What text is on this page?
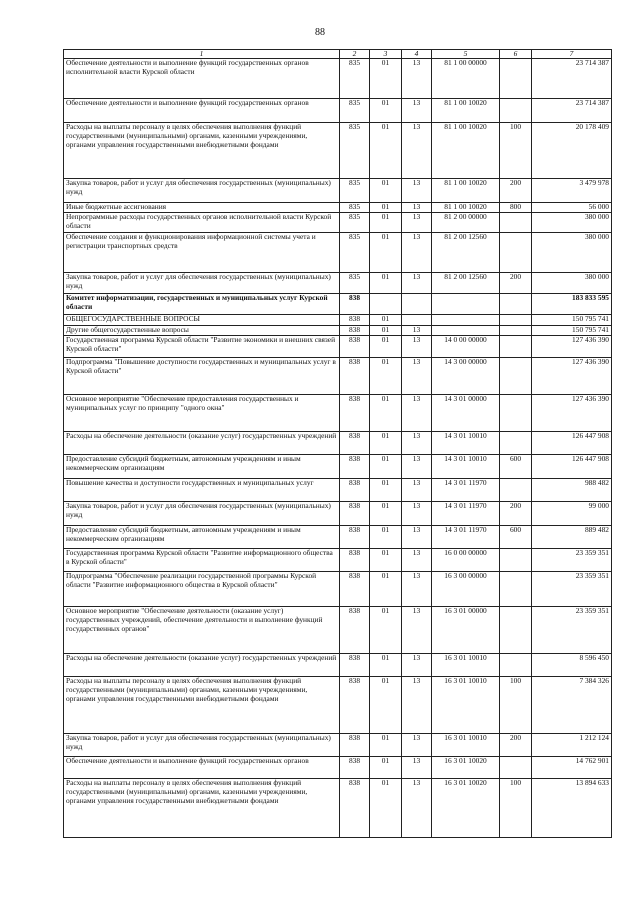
88
1	2	3	4	5	6	7
Обеспечение деятельности и выполнение функций государственных органов исполнительной власти Курской области	835	01	13	81 1 00 00000		23 714 387
Обеспечение деятельности и выполнение функций государственных органов	835	01	13	81 1 00 10020		23 714 387
Расходы на выплаты персоналу в целях обеспечения выполнения функций государственными (муниципальными) органами, казенными учреждениями, органами управления государственными внебюджетными фондами	835	01	13	81 1 00 10020	100	20 178 409
Закупка товаров, работ и услуг для обеспечения государственных (муниципальных) нужд	835	01	13	81 1 00 10020	200	3 479 978
Иные бюджетные ассигнования	835	01	13	81 1 00 10020	800	56 000
Непрограммные расходы государственных органов исполнительной власти Курской области	835	01	13	81 2 00 00000		380 000
Обеспечение создания и функционирования информационной системы учета и регистрации транспортных средств	835	01	13	81 2 00 12560		380 000
Закупка товаров, работ и услуг для обеспечения государственных (муниципальных) нужд	835	01	13	81 2 00 12560	200	380 000
Комитет информатизации, государственных и муниципальных услуг Курской области	838					183 833 595
ОБЩЕГОСУДАРСТВЕННЫЕ ВОПРОСЫ	838	01				150 795 741
Другие общегосударственные вопросы	838	01	13			150 795 741
Государственная программа Курской области "Развитие экономики и внешних связей Курской области"	838	01	13	14 0 00 00000		127 436 390
Подпрограмма "Повышение доступности государственных и муниципальных услуг в Курской области"	838	01	13	14 3 00 00000		127 436 390
Основное мероприятие "Обеспечение предоставления государственных и муниципальных услуг по принципу "одного окна"	838	01	13	14 3 01 00000		127 436 390
Расходы на обеспечение деятельности (оказание услуг) государственных учреждений	838	01	13	14 3 01 10010		126 447 908
Предоставление субсидий бюджетным, автономным учреждениям и иным некоммерческим организациям	838	01	13	14 3 01 10010	600	126 447 908
Повышение качества и доступности государственных и муниципальных услуг	838	01	13	14 3 01 11970		988 482
Закупка товаров, работ и услуг для обеспечения государственных (муниципальных) нужд	838	01	13	14 3 01 11970	200	99 000
Предоставление субсидий бюджетным, автономным учреждениям и иным некоммерческим организациям	838	01	13	14 3 01 11970	600	889 482
Государственная программа Курской области "Развитие информационного общества в Курской области"	838	01	13	16 0 00 00000		23 359 351
Подпрограмма "Обеспечение реализации государственной программы Курской области "Развитие информационного общества в Курской области"	838	01	13	16 3 00 00000		23 359 351
Основное мероприятие "Обеспечение деятельности (оказание услуг) государственных учреждений, обеспечение деятельности и выполнение функций государственных органов"	838	01	13	16 3 01 00000		23 359 351
Расходы на обеспечение деятельности (оказание услуг) государственных учреждений	838	01	13	16 3 01 10010		8 596 450
Расходы на выплаты персоналу в целях обеспечения выполнения функций государственными (муниципальными) органами, казенными учреждениями, органами управления государственными внебюджетными фондами	838	01	13	16 3 01 10010	100	7 384 326
Закупка товаров, работ и услуг для обеспечения государственных (муниципальных) нужд	838	01	13	16 3 01 10010	200	1 212 124
Обеспечение деятельности и выполнение функций государственных органов	838	01	13	16 3 01 10020		14 762 901
Расходы на выплаты персоналу в целях обеспечения выполнения функций государственными (муниципальными) органами, казенными учреждениями, органами управления государственными внебюджетными фондами	838	01	13	16 3 01 10020	100	13 894 633
